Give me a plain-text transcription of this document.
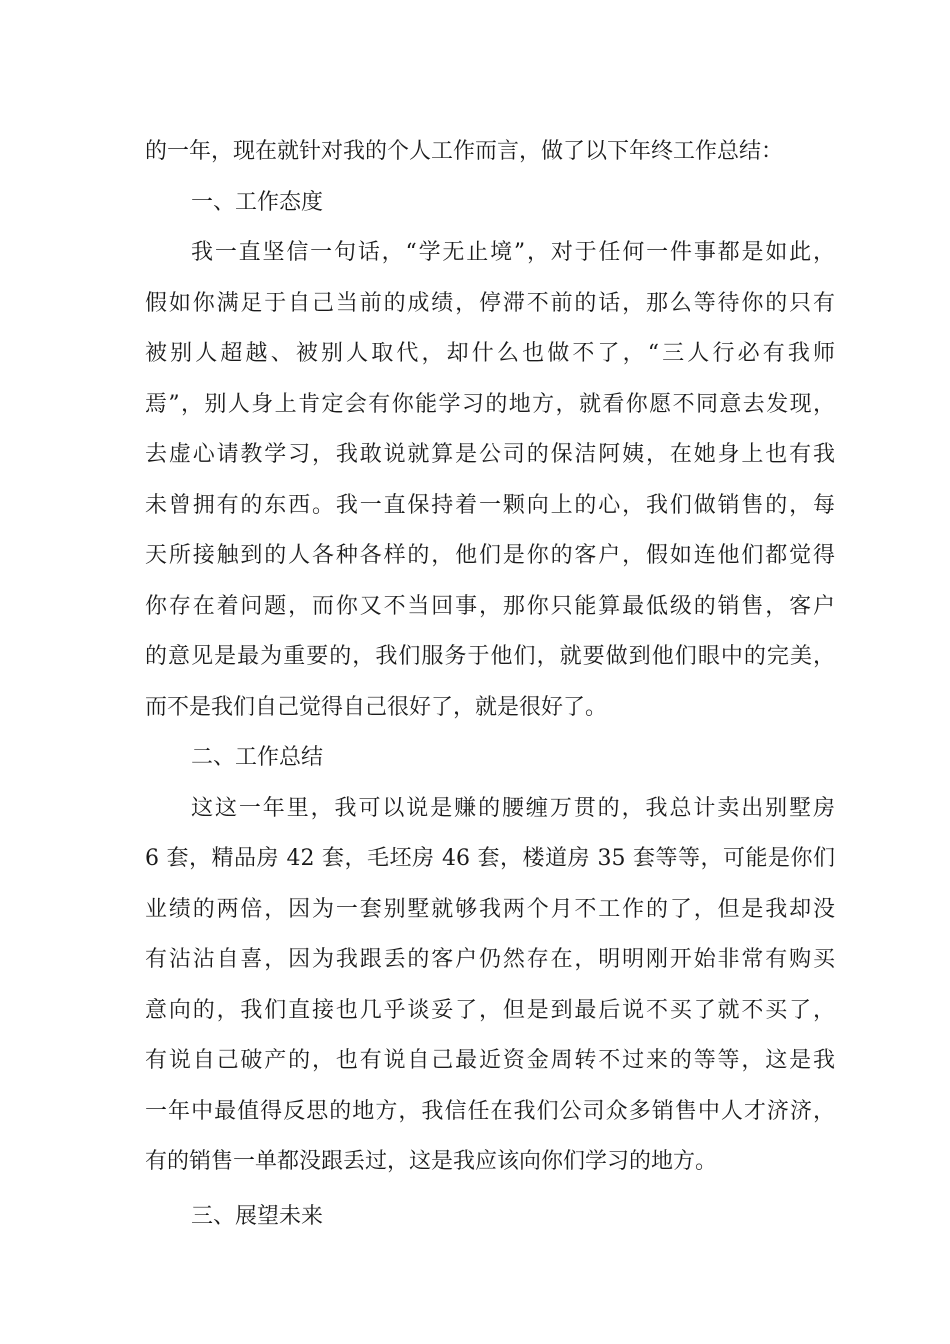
的一年，现在就针对我的个人工作而言，做了以下年终工作总结：
一、工作态度
我一直坚信一句话，“学无止境”，对于任何一件事都是如此，
假如你满足于自己当前的成绩，停滞不前的话，那么等待你的只有
被别人超越、被别人取代，却什么也做不了，“三人行必有我师
焉”，别人身上肯定会有你能学习的地方，就看你愿不同意去发现，
去虚心请教学习，我敢说就算是公司的保洁阿姨，在她身上也有我
未曾拥有的东西。我一直保持着一颗向上的心，我们做销售的，每
天所接触到的人各种各样的，他们是你的客户，假如连他们都觉得
你存在着问题，而你又不当回事，那你只能算最低级的销售，客户
的意见是最为重要的，我们服务于他们，就要做到他们眼中的完美，
而不是我们自己觉得自己很好了，就是很好了。
二、工作总结
这这一年里，我可以说是赚的腰缠万贯的，我总计卖出别墅房
6 套，精品房 42 套，毛坯房 46 套，楼道房 35 套等等，可能是你们
业绩的两倍，因为一套别墅就够我两个月不工作的了，但是我却没
有沾沾自喜，因为我跟丢的客户仍然存在，明明刚开始非常有购买
意向的，我们直接也几乎谈妥了，但是到最后说不买了就不买了，
有说自己破产的，也有说自己最近资金周转不过来的等等，这是我
一年中最值得反思的地方，我信任在我们公司众多销售中人才济济，
有的销售一单都没跟丢过，这是我应该向你们学习的地方。
三、展望未来
